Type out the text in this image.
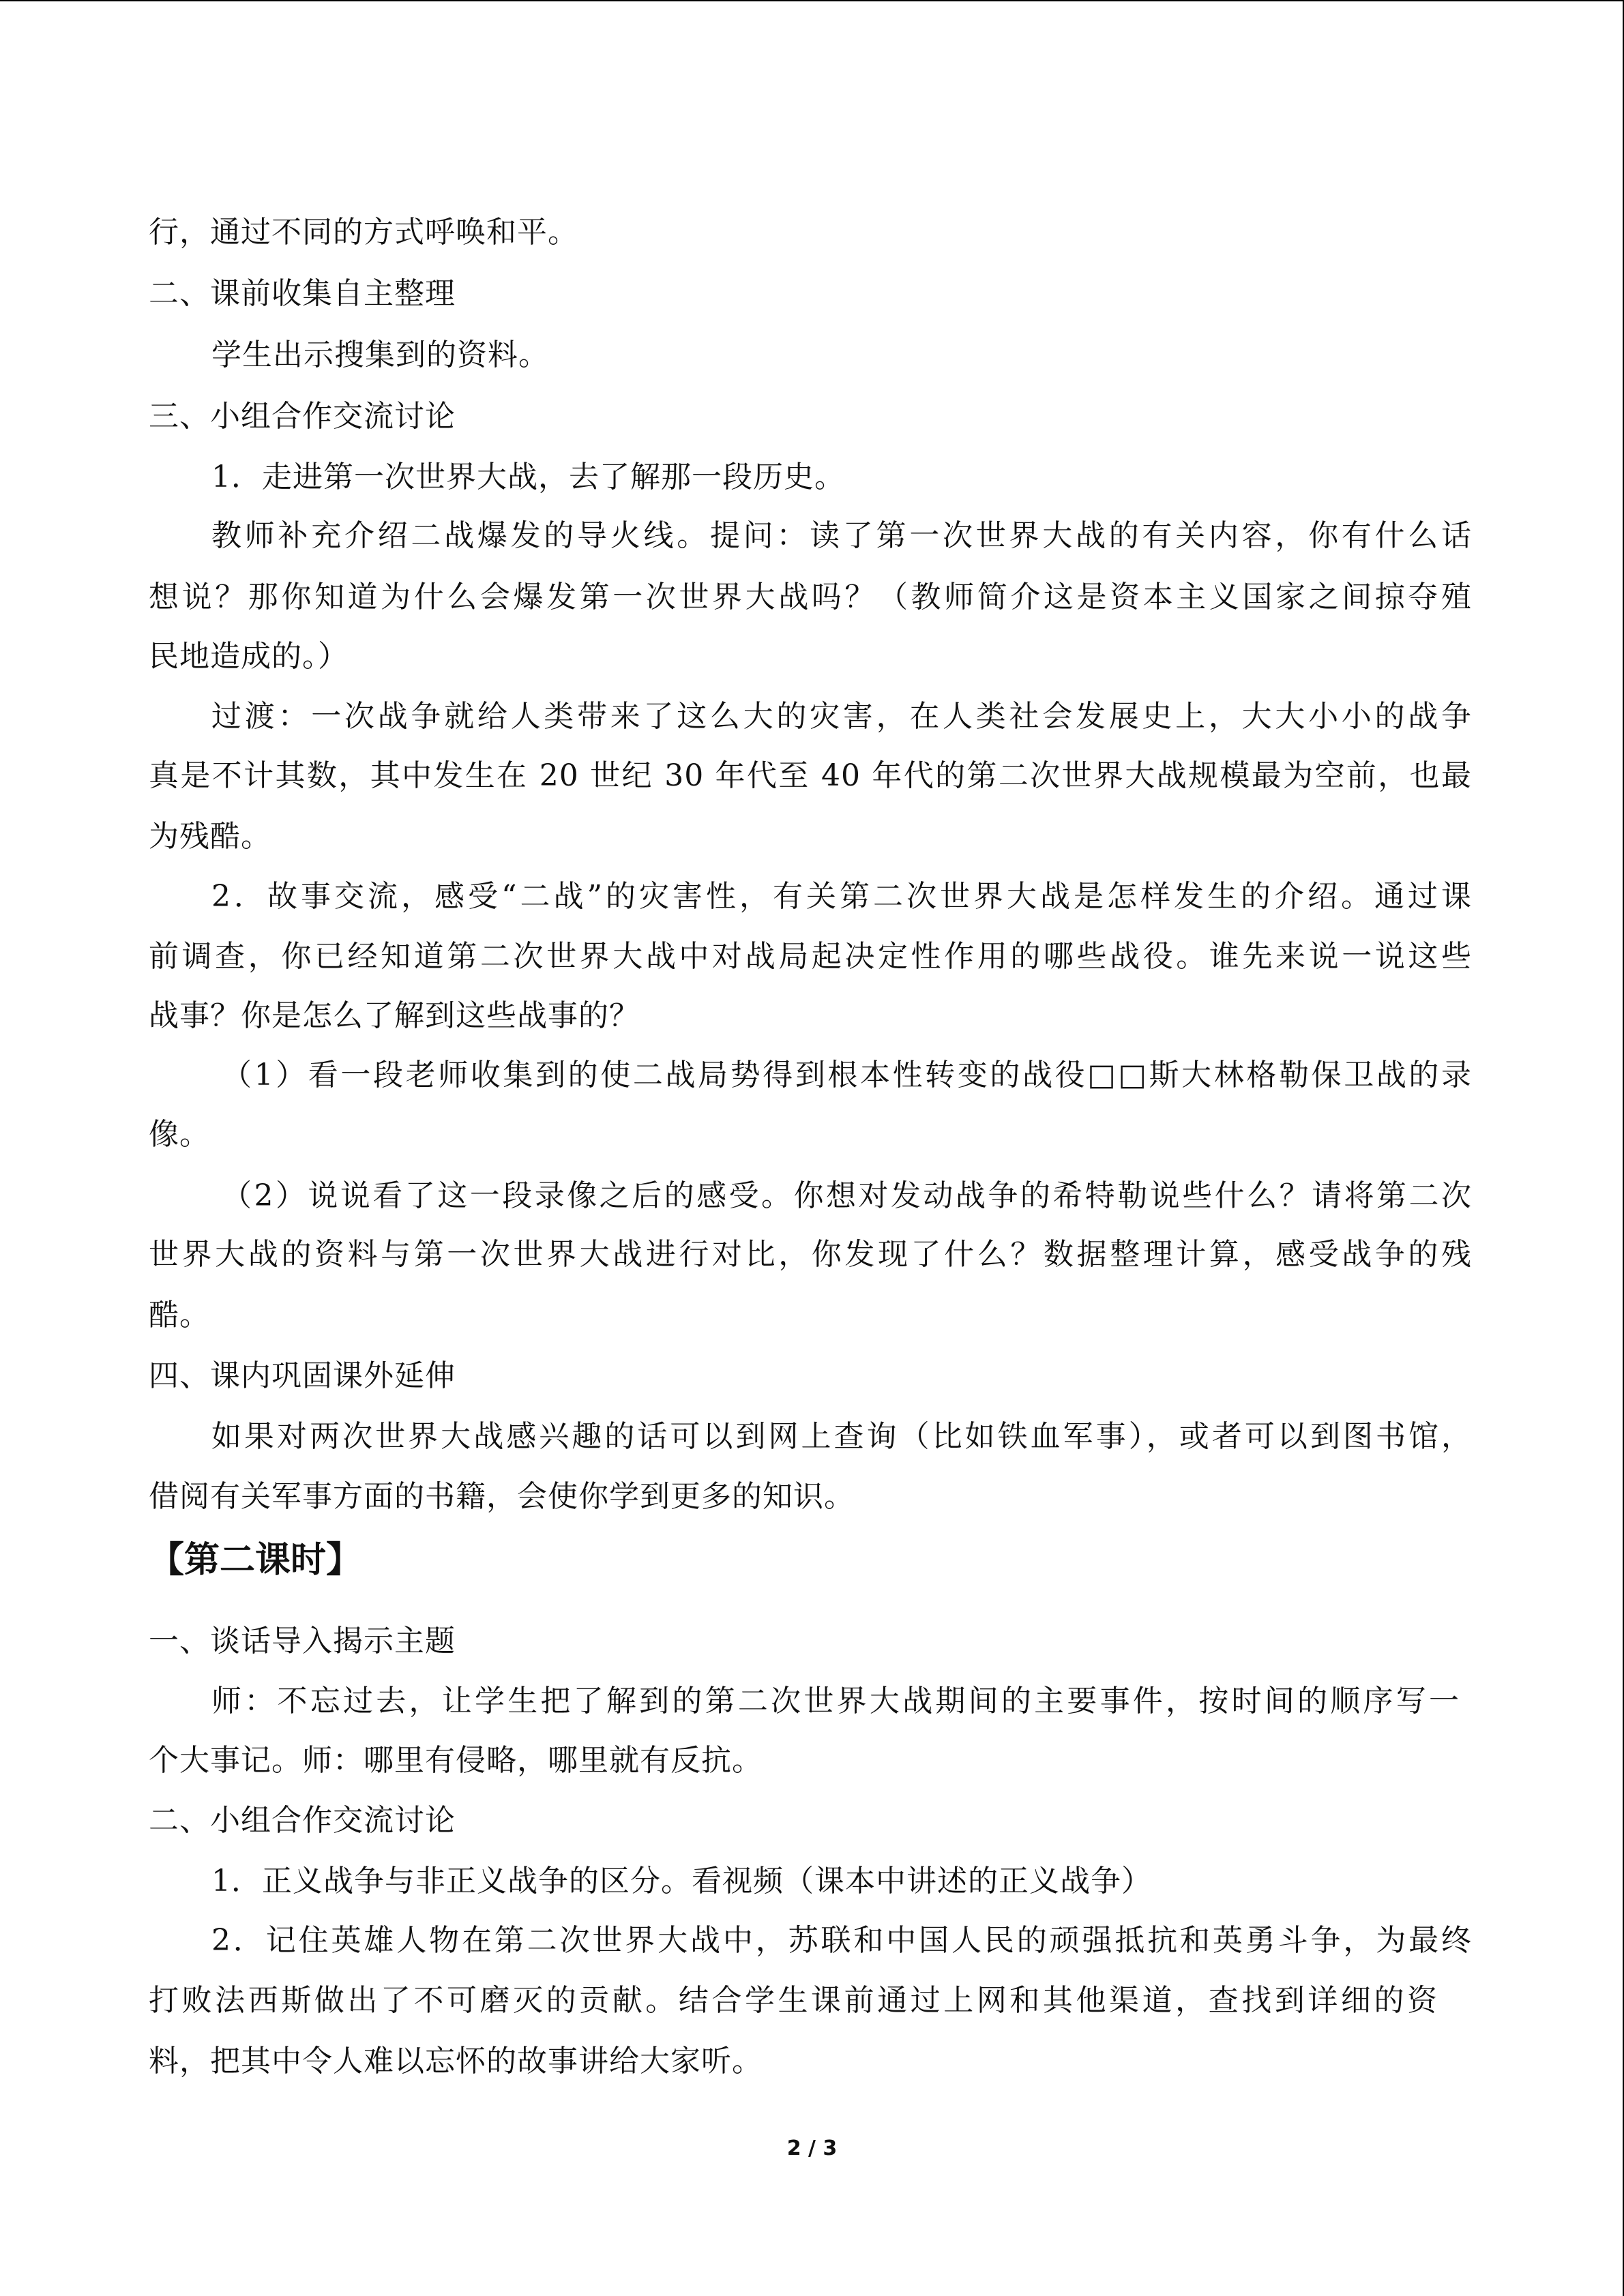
行，通过不同的方式呼唤和平。
二、课前收集自主整理
学生出示搜集到的资料。
三、小组合作交流讨论
1．走进第一次世界大战，去了解那一段历史。
教师补充介绍二战爆发的导火线。提问：读了第一次世界大战的有关内容，你有什么话
想说？那你知道为什么会爆发第一次世界大战吗？（教师简介这是资本主义国家之间掠夺殖
民地造成的。）
过渡：一次战争就给人类带来了这么大的灾害，在人类社会发展史上，大大小小的战争
真是不计其数，其中发生在 20 世纪 30 年代至 40 年代的第二次世界大战规模最为空前，也最
为残酷。
2．故事交流，感受“二战”的灾害性，有关第二次世界大战是怎样发生的介绍。通过课
前调查，你已经知道第二次世界大战中对战局起决定性作用的哪些战役。谁先来说一说这些
战事？你是怎么了解到这些战事的？
（1）看一段老师收集到的使二战局势得到根本性转变的战役□□斯大林格勒保卫战的录
像。
（2）说说看了这一段录像之后的感受。你想对发动战争的希特勒说些什么？请将第二次
世界大战的资料与第一次世界大战进行对比，你发现了什么？数据整理计算，感受战争的残
酷。
四、课内巩固课外延伸
如果对两次世界大战感兴趣的话可以到网上查询（比如铁血军事），或者可以到图书馆，
借阅有关军事方面的书籍，会使你学到更多的知识。
【第二课时】
一、谈话导入揭示主题
师：不忘过去，让学生把了解到的第二次世界大战期间的主要事件，按时间的顺序写一
个大事记。师：哪里有侵略，哪里就有反抗。
二、小组合作交流讨论
1．正义战争与非正义战争的区分。看视频（课本中讲述的正义战争）
2．记住英雄人物在第二次世界大战中，苏联和中国人民的顽强抵抗和英勇斗争，为最终
打败法西斯做出了不可磨灭的贡献。结合学生课前通过上网和其他渠道，查找到详细的资
料，把其中令人难以忘怀的故事讲给大家听。
2 / 3
